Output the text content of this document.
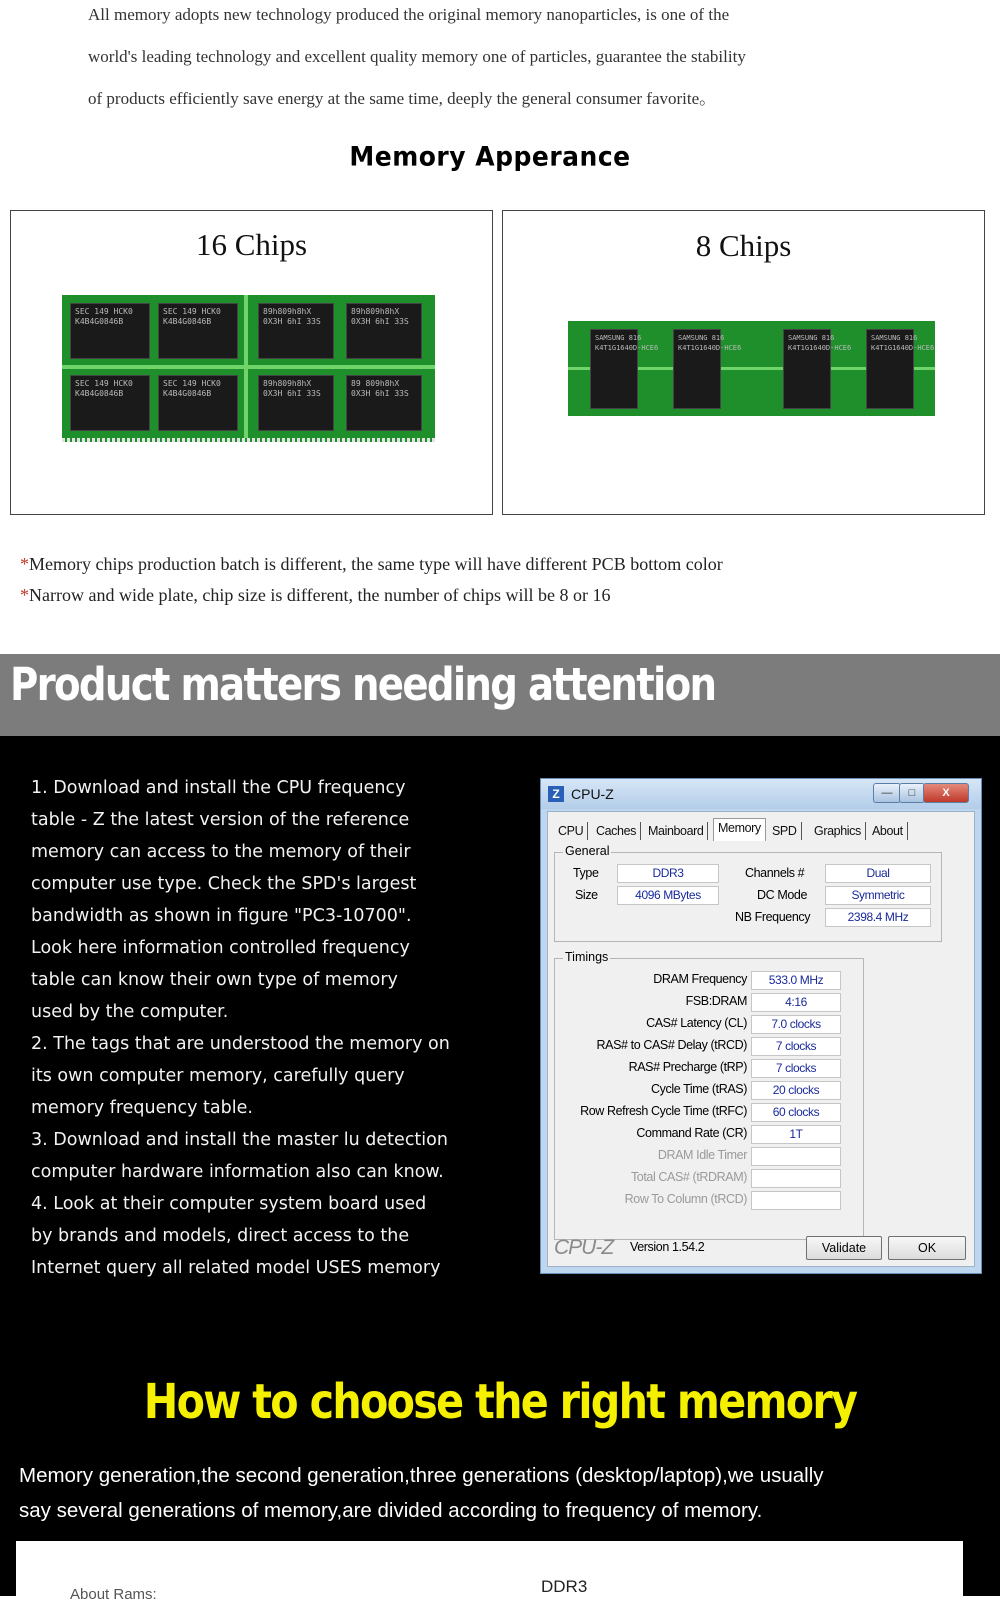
All memory adopts new technology produced the original memory nanoparticles, is one of the

world's leading technology and excellent quality memory one of particles, guarantee the stability

of products efficiently save energy at the same time, deeply the general consumer favorite。

Memory Apperance
16 Chips
SEC 149 HCK0
K4B4G0846B
SEC 149 HCK0
K4B4G0846B
89h809h8hX
0X3H 6hI 33S
89h809h8hX
0X3H 6hI 33S
SEC 149 HCK0
K4B4G0846B
SEC 149 HCK0
K4B4G0846B
89h809h8hX
0X3H 6hI 33S
89 809h8hX
0X3H 6hI 33S
8 Chips
SAMSUNG 816
K4T1G1640D-HCE6
SAMSUNG 816
K4T1G1640D-HCE6
SAMSUNG 816
K4T1G1640D-HCE6
SAMSUNG 816
K4T1G1640D-HCE6

*Memory chips production batch is different, the same type will have different PCB bottom color

*Narrow and wide plate, chip size is different, the number of chips will be 8 or 16

Product matters needing attention

1. Download and install the CPU frequency

table - Z the latest version of the reference

memory can access to the memory of their

computer use type. Check the SPD's largest

bandwidth as shown in figure "PC3-10700".

Look here information controlled frequency

table can know their own type of memory

used by the computer.

2. The tags that are understood the memory on

its own computer memory, carefully query

memory frequency table.

3. Download and install the master lu detection

computer hardware information also can know.

4. Look at their computer system board used

by brands and models, direct access to the

Internet query all related model USES memory

Z CPU-Z	—	□	X
CPU	Caches Mainboard	Memory SPD	Graphics About
General
Type	DDR3
Size	4096 MBytes
Channels #	Dual
DC Mode	Symmetric
NB Frequency	2398.4 MHz
Timings
DRAM Frequency	533.0 MHz
FSB:DRAM	4:16
CAS# Latency (CL)	7.0 clocks
RAS# to CAS# Delay (tRCD)	7 clocks
RAS# Precharge (tRP)	7 clocks
Cycle Time (tRAS)	20 clocks
Row Refresh Cycle Time (tRFC)	60 clocks
Command Rate (CR)	1T
DRAM Idle Timer
Total CAS# (tRDRAM)
Row To Column (tRCD)
CPU-Z Version 1.54.2	Validate	OK
How to choose the right memory

Memory generation,the second generation,three generations (desktop/laptop),we usually

say several generations of memory,are divided according to frequency of memory.

About Rams:	DDR3
